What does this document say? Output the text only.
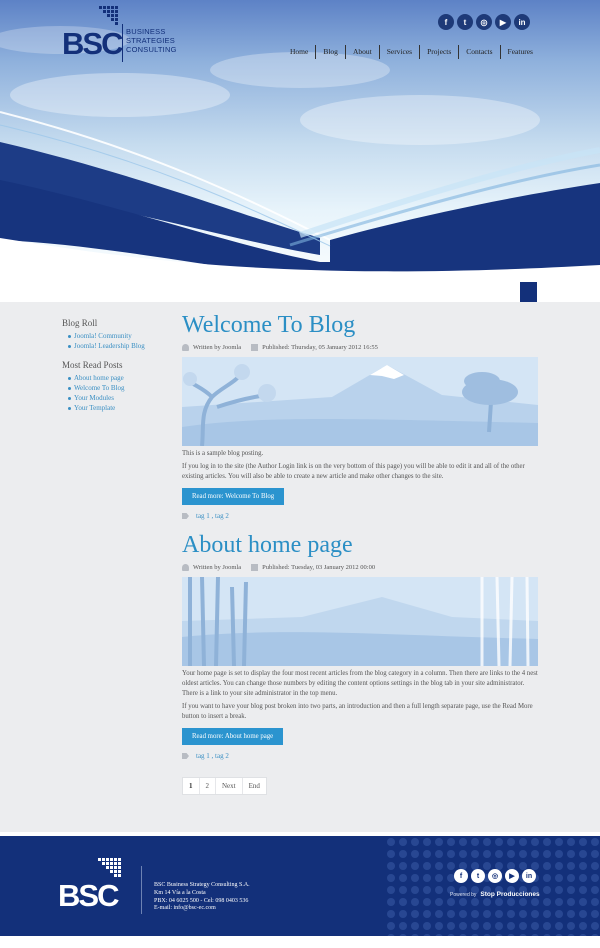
BSC BUSINESS
STRATEGIES
CONSULTING
f	t	◎	▶	in
Home	Blog	About	Services	Projects	Contacts	Features
Blog Roll
Joomla! Community
Joomla! Leadership Blog
Most Read Posts
About home page
Welcome To Blog
Your Modules
Your Template
Welcome To Blog
Written by Joomla	Published: Thursday, 05 January 2012 16:55

This is a sample blog posting.

If you log in to the site (the Author Login link is on the very bottom of this page) you will be able to edit it and all of the other existing articles. You will also be able to create a new article and make other changes to the site.

Read more: Welcome To Blog
tag 1 , tag 2
About home page
Written by Joomla	Published: Tuesday, 03 January 2012 00:00

Your home page is set to display the four most recent articles from the blog category in a column. Then there are links to the 4 nest oldest articles. You can change those numbers by editing the content options settings in the blog tab in your site administrator. There is a link to your site administrator in the top menu.

If you want to have your blog post broken into two parts, an introduction and then a full length separate page, use the Read More button to insert a break.

Read more: About home page
tag 1 , tag 2
1	2	Next	End
BSC	BSC Business Strategy Consulting S.A.
Km 14 Vía a la Costa
PBX: 04 6025 500 - Cel: 098 0403 536
E-mail: info@bsc-ec.com
f	t	◎	▶	in
Powered by Stop Producciones
